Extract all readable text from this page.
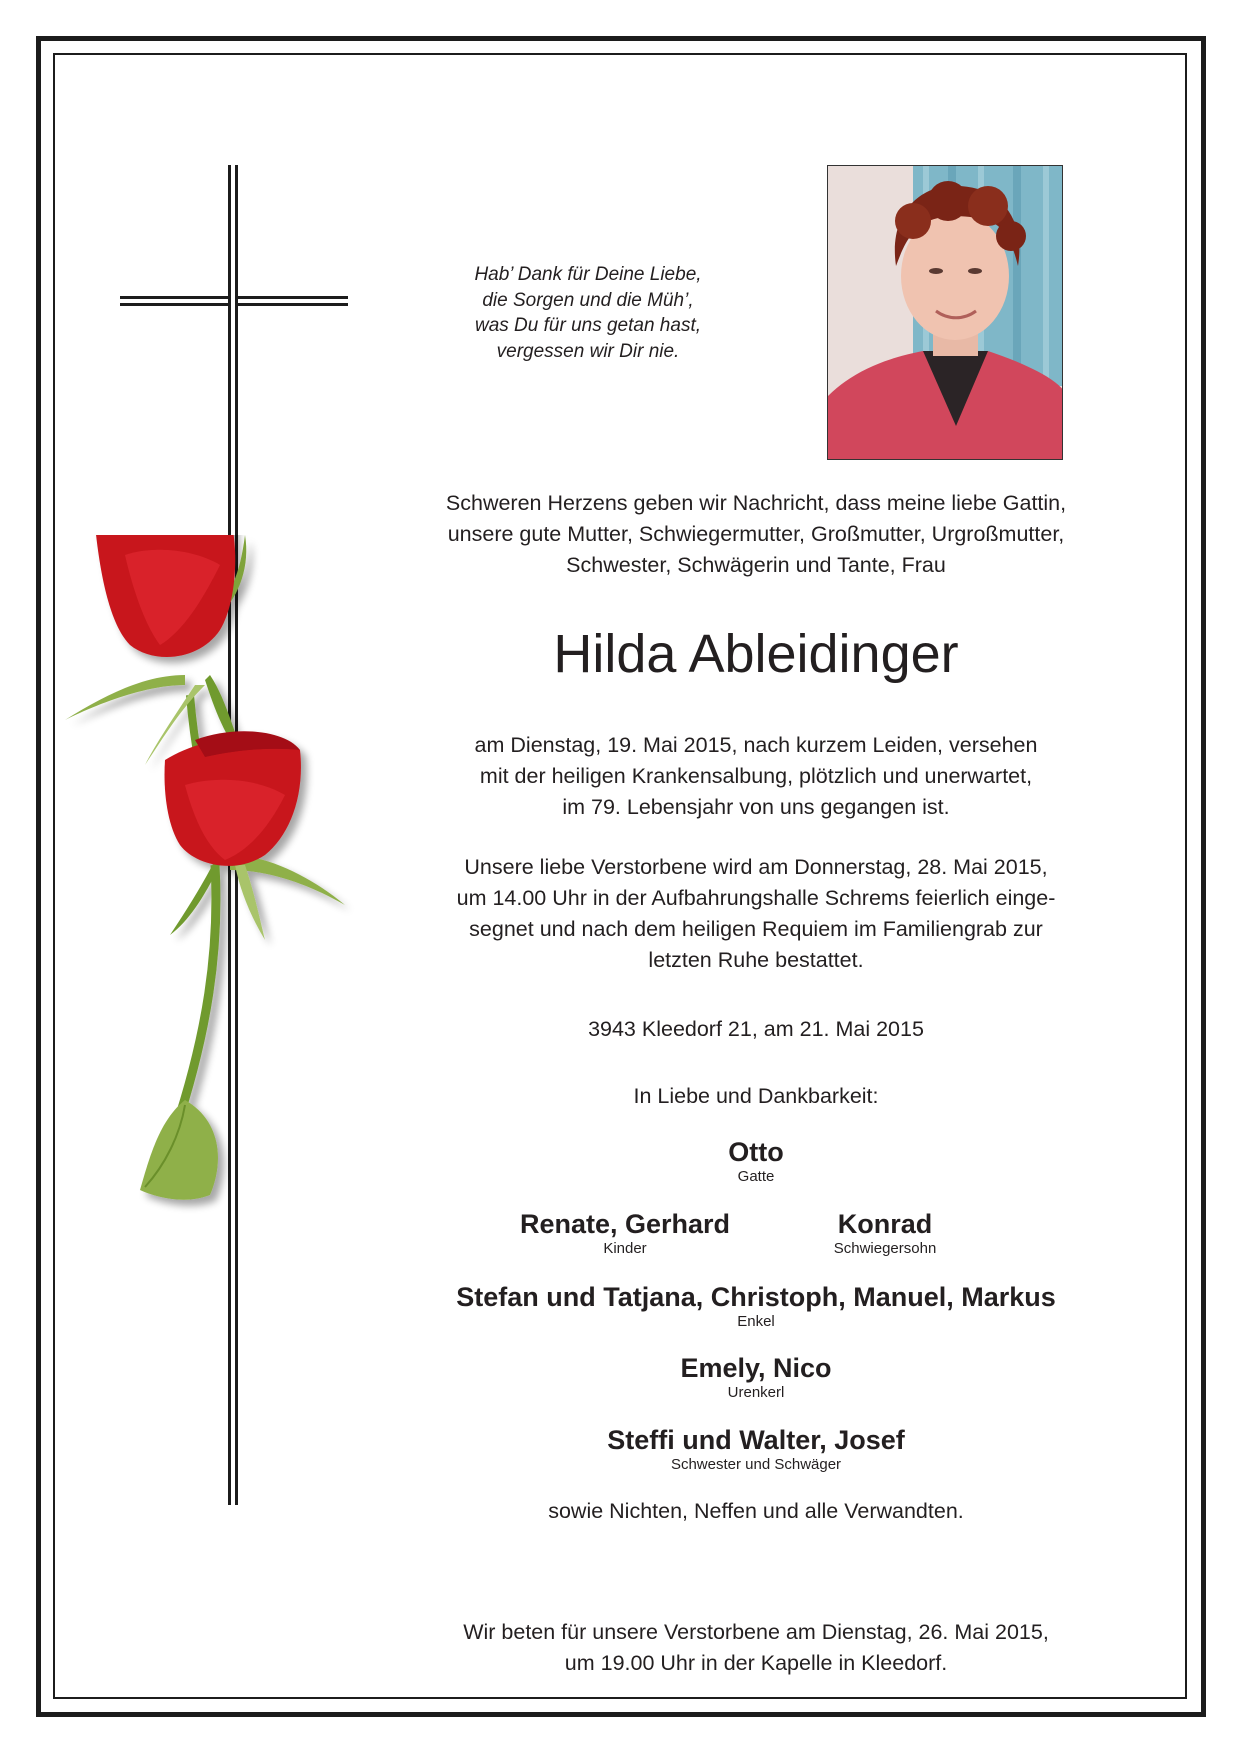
Hab’ Dank für Deine Liebe,
die Sorgen und die Müh’,
was Du für uns getan hast,
vergessen wir Dir nie.
Schweren Herzens geben wir Nachricht, dass meine liebe Gattin,
unsere gute Mutter, Schwiegermutter, Großmutter, Urgroßmutter,
Schwester, Schwägerin und Tante, Frau
Hilda Ableidinger
am Dienstag, 19. Mai 2015, nach kurzem Leiden, versehen
mit der heiligen Krankensalbung, plötzlich und unerwartet,
im 79. Lebensjahr von uns gegangen ist.
Unsere liebe Verstorbene wird am Donnerstag, 28. Mai 2015,
um 14.00 Uhr in der Aufbahrungshalle Schrems feierlich einge-
segnet und nach dem heiligen Requiem im Familiengrab zur
letzten Ruhe bestattet.
3943 Kleedorf 21, am 21. Mai 2015
In Liebe und Dankbarkeit:
Otto
Gatte
Renate, Gerhard
Kinder
Konrad
Schwiegersohn
Stefan und Tatjana, Christoph, Manuel, Markus
Enkel
Emely, Nico
Urenkerl
Steffi und Walter, Josef
Schwester und Schwäger
sowie Nichten, Neffen und alle Verwandten.
Wir beten für unsere Verstorbene am Dienstag, 26. Mai 2015,
um 19.00 Uhr in der Kapelle in Kleedorf.
